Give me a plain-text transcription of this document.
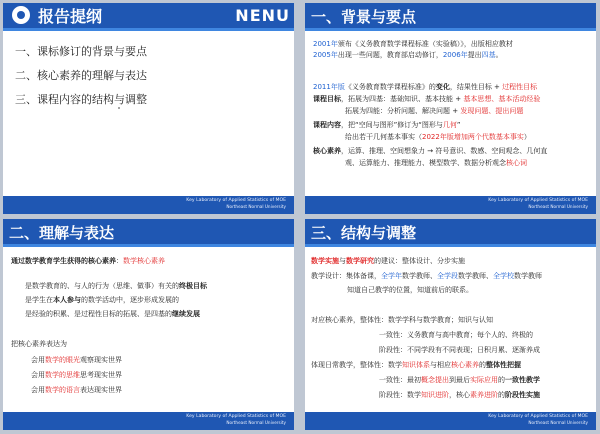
报告提纲	NENU
一、课标修订的背景与要点
二、核心素养的理解与表达
三、课程内容的结构与调整
Key Laboratory of Applied Statistics of MOE
Northeast Normal University
一、背景与要点
2001年颁布《义务教育数学课程标准（实验稿）》，出版相应教材
2005年出现一些问题，教育部启动修订，2006年提出四基。
2011年版《义务教育数学课程标准》的变化，结果性目标 + 过程性目标
课程目标，拓展为四基：基础知识、基本技能 + 基本思想、基本活动经验
拓展为四能：分析问题、解决问题 + 发现问题、提出问题
课程内容，把“空间与图形”修订为“图形与几何”
给出若干几何基本事实（2022年版增加两个代数基本事实）
核心素养，运算、推理、空间想象力 → 符号意识、数感、空间观念、几何直
观、运算能力、推理能力、模型数学、数据分析观念核心词
Key Laboratory of Applied Statistics of MOE
Northeast Normal University
二、理解与表达
通过数学教育学生获得的核心素养：数学核心素养
是数学教育的、与人的行为（思维、做事）有关的终极目标
是学生在本人参与的数学活动中，逐步形成发展的
是经验的积累、是过程性目标的拓展、是四基的继续发展
把核心素养表达为
会用数学的眼光观察现实世界
会用数学的思维思考现实世界
会用数学的语言表达现实世界
Key Laboratory of Applied Statistics of MOE
Northeast Normal University
三、结构与调整
数学实施与数学研究的建议：整体设计、分步实施
教学设计：集体备课，全学年数学教师、全学段数学教师、全学校数学教师
知道自己教学的位置，知道前后的联系。
对应核心素养，整体性：数学学科与数学教育；知识与认知
一致性：义务教育与高中教育；每个人的、终极的
阶段性：不同学段有不同表现；日积月累、逐渐养成
体现日常教学，整体性：数学知识体系与相应核心素养的整体性把握
一致性：最初概念提出到最后实际应用的一致性教学
阶段性：数学知识进阶，核心素养进阶的阶段性实施
Key Laboratory of Applied Statistics of MOE
Northeast Normal University
